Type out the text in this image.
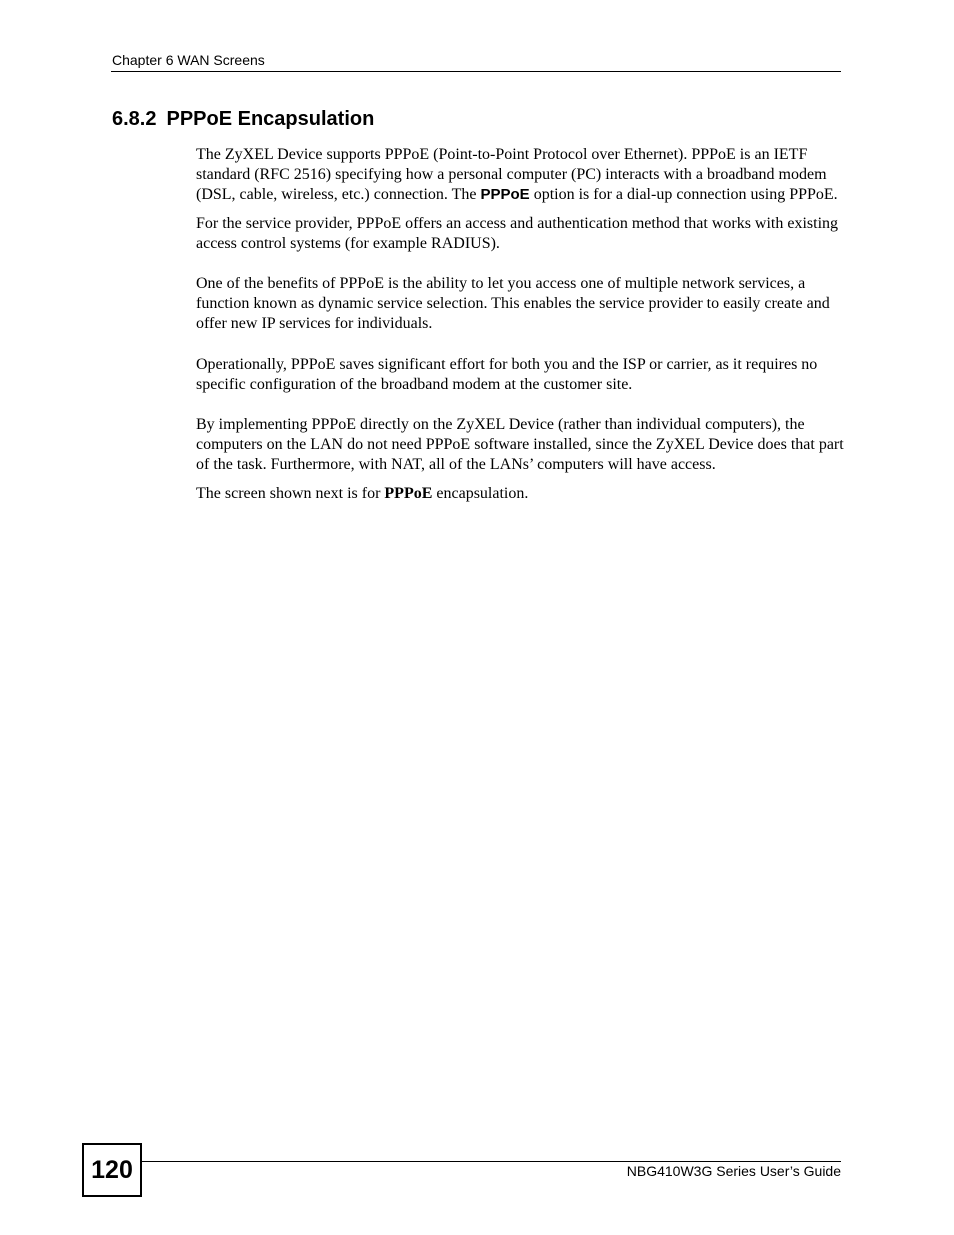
Chapter 6 WAN Screens
6.8.2 PPPoE Encapsulation

The ZyXEL Device supports PPPoE (Point-to-Point Protocol over Ethernet). PPPoE is an IETF standard (RFC 2516) specifying how a personal computer (PC) interacts with a broadband modem (DSL, cable, wireless, etc.) connection. The PPPoE option is for a dial-up connection using PPPoE.

For the service provider, PPPoE offers an access and authentication method that works with existing access control systems (for example RADIUS).

One of the benefits of PPPoE is the ability to let you access one of multiple network services, a function known as dynamic service selection. This enables the service provider to easily create and offer new IP services for individuals.

Operationally, PPPoE saves significant effort for both you and the ISP or carrier, as it requires no specific configuration of the broadband modem at the customer site.

By implementing PPPoE directly on the ZyXEL Device (rather than individual computers), the computers on the LAN do not need PPPoE software installed, since the ZyXEL Device does that part of the task. Furthermore, with NAT, all of the LANs’ computers will have access.

The screen shown next is for PPPoE encapsulation.

120	NBG410W3G Series User’s Guide
